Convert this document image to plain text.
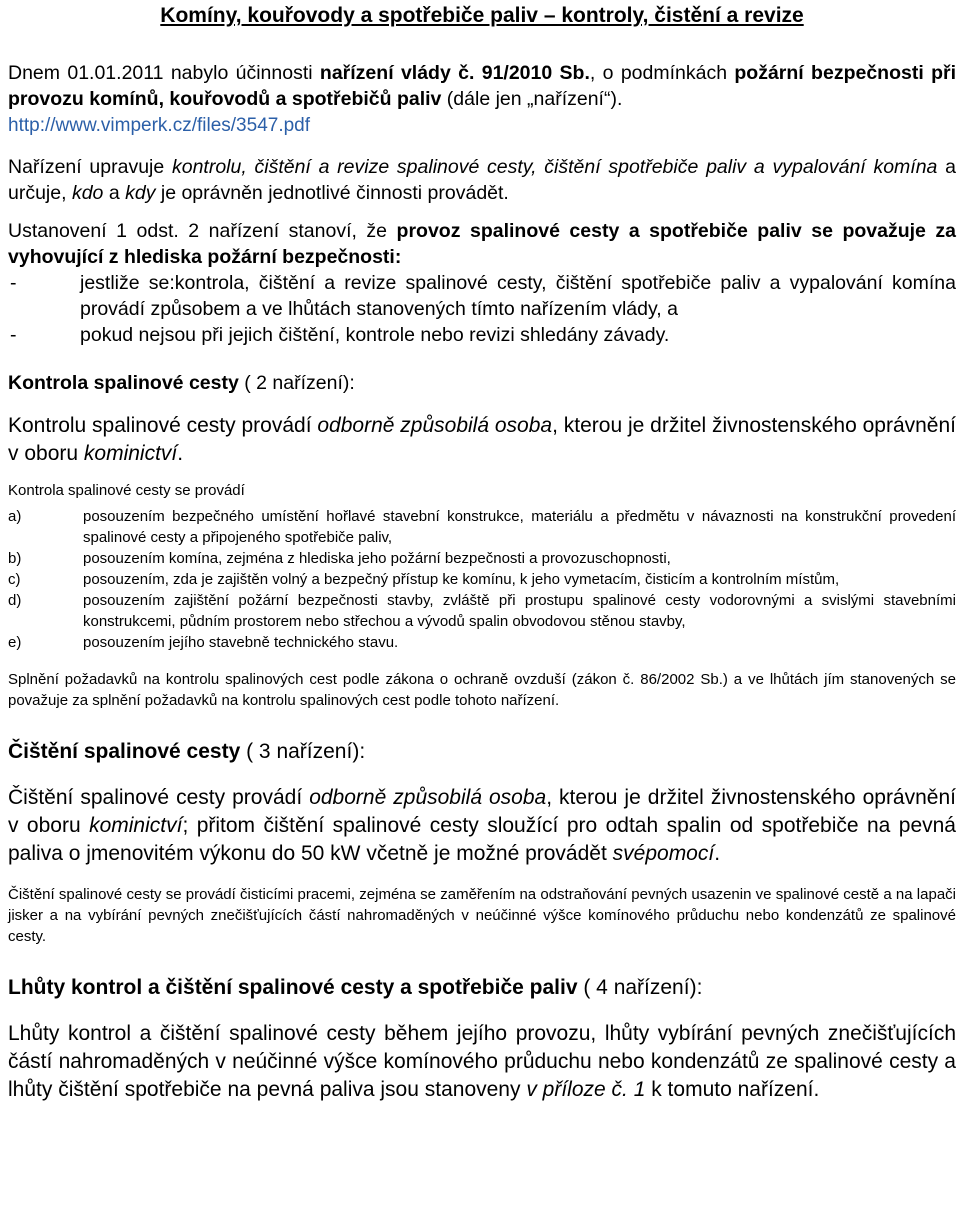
Komíny, kouřovody a spotřebiče paliv – kontroly, čistění a revize

Dnem 01.01.2011 nabylo účinnosti nařízení vlády č. 91/2010 Sb., o podmínkách požární bezpečnosti při provozu komínů, kouřovodů a spotřebičů paliv (dále jen „nařízení“).
http://www.vimperk.cz/files/3547.pdf

Nařízení upravuje kontrolu, čištění a revize spalinové cesty, čištění spotřebiče paliv a vypalování komína a určuje, kdo a kdy je oprávněn jednotlivé činnosti provádět.

Ustanovení 1 odst. 2 nařízení stanoví, že provoz spalinové cesty a spotřebiče paliv se považuje za vyhovující z hlediska požární bezpečnosti:

-	jestliže se:kontrola, čištění a revize spalinové cesty, čištění spotřebiče paliv a vypalování komína provádí způsobem a ve lhůtách stanovených tímto nařízením vlády, a
-	pokud nejsou při jejich čištění, kontrole nebo revizi shledány závady.
Kontrola spalinové cesty ( 2 nařízení):

Kontrolu spalinové cesty provádí odborně způsobilá osoba, kterou je držitel živnostenského oprávnění v oboru kominictví.

Kontrola spalinové cesty se provádí

a)	posouzením bezpečného umístění hořlavé stavební konstrukce, materiálu a předmětu v návaznosti na konstrukční provedení spalinové cesty a připojeného spotřebiče paliv,
b)	posouzením komína, zejména z hlediska jeho požární bezpečnosti a provozuschopnosti,
c)	posouzením, zda je zajištěn volný a bezpečný přístup ke komínu, k jeho vymetacím, čisticím a kontrolním místům,
d)	posouzením zajištění požární bezpečnosti stavby, zvláště při prostupu spalinové cesty vodorovnými a svislými stavebními konstrukcemi, půdním prostorem nebo střechou a vývodů spalin obvodovou stěnou stavby,
e)	posouzením jejího stavebně technického stavu.

Splnění požadavků na kontrolu spalinových cest podle zákona o ochraně ovzduší (zákon č. 86/2002 Sb.) a ve lhůtách jím stanovených se považuje za splnění požadavků na kontrolu spalinových cest podle tohoto nařízení.

Čištění spalinové cesty ( 3 nařízení):

Čištění spalinové cesty provádí odborně způsobilá osoba, kterou je držitel živnostenského oprávnění v oboru kominictví; přitom čištění spalinové cesty sloužící pro odtah spalin od spotřebiče na pevná paliva o jmenovitém výkonu do 50 kW včetně je možné provádět svépomocí.

Čištění spalinové cesty se provádí čisticími pracemi, zejména se zaměřením na odstraňování pevných usazenin ve spalinové cestě a na lapači jisker a na vybírání pevných znečišťujících částí nahromaděných v neúčinné výšce komínového průduchu nebo kondenzátů ze spalinové cesty.

Lhůty kontrol a čištění spalinové cesty a spotřebiče paliv ( 4 nařízení):

Lhůty kontrol a čištění spalinové cesty během jejího provozu, lhůty vybírání pevných znečišťujících částí nahromaděných v neúčinné výšce komínového průduchu nebo kondenzátů ze spalinové cesty a lhůty čištění spotřebiče na pevná paliva jsou stanoveny v příloze č. 1 k tomuto nařízení.
